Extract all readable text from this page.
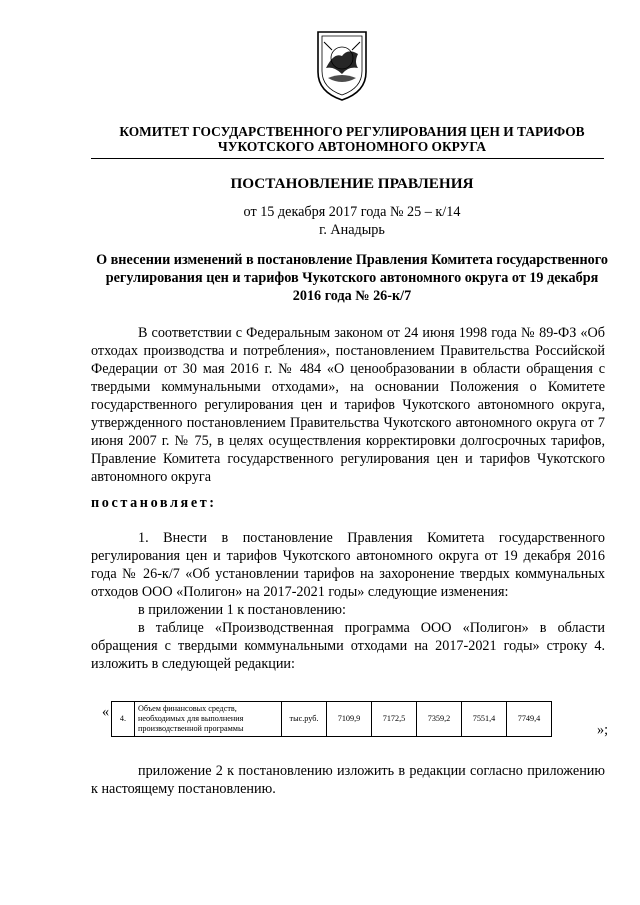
КОМИТЕТ ГОСУДАРСТВЕННОГО РЕГУЛИРОВАНИЯ ЦЕН И ТАРИФОВ
ЧУКОТСКОГО АВТОНОМНОГО ОКРУГА
ПОСТАНОВЛЕНИЕ ПРАВЛЕНИЯ
от 15 декабря 2017 года № 25 – к/14
г. Анадырь
О внесении изменений в постановление Правления Комитета государственного регулирования цен и тарифов Чукотского автономного округа от 19 декабря 2016 года № 26-к/7
В соответствии с Федеральным законом от 24 июня 1998 года № 89-ФЗ «Об отходах производства и потребления», постановлением Правительства Российской Федерации от 30 мая 2016 г. № 484 «О ценообразовании в области обращения с твердыми коммунальными отходами», на основании Положения о Комитете государственного регулирования цен и тарифов Чукотского автономного округа, утвержденного постановлением Правительства Чукотского автономного округа от 7 июня 2007 г. № 75, в целях осуществления корректировки долгосрочных тарифов, Правление Комитета государственного регулирования цен и тарифов Чукотского автономного округа
постановляет:

1. Внести в постановление Правления Комитета государственного регулирования цен и тарифов Чукотского автономного округа от 19 декабря 2016 года № 26-к/7 «Об установлении тарифов на захоронение твердых коммунальных отходов ООО «Полигон» на 2017-2021 годы» следующие изменения:

в приложении 1 к постановлению:

в таблице «Производственная программа ООО «Полигон» в области обращения с твердыми коммунальными отходами на 2017-2021 годы» строку 4. изложить в следующей редакции:

« 4.	Объем финансовых средств, необходимых для выполнения производственной программы	тыс.руб.	7109,9	7172,5	7359,2	7551,4	7749,4
»;

приложение 2 к постановлению изложить в редакции согласно приложению к настоящему постановлению.
